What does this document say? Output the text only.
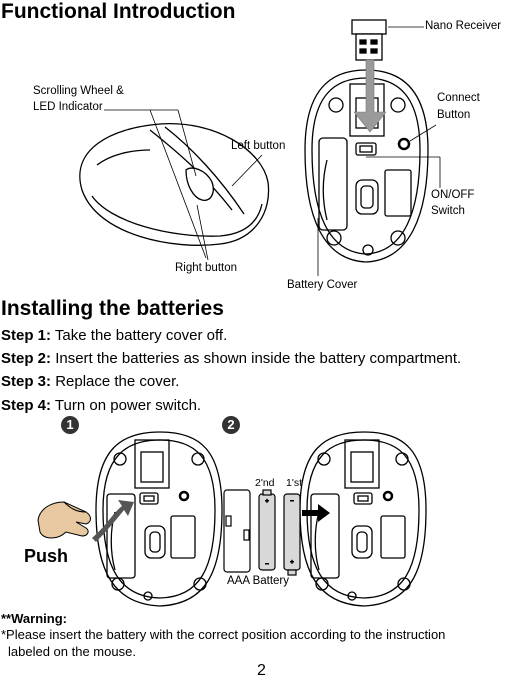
Functional Introduction
Nano Receiver
Scrolling Wheel &
LED Indicator
Left button
Right button
Connect
Button
ON/OFF
Switch
Battery Cover
Installing the batteries
Step 1: Take the battery cover off.
Step 2: Insert the batteries as shown inside the battery compartment.
Step 3: Replace the cover.
Step 4: Turn on power switch.
1	2
Push
2'nd 1'st
AAA Battery
**Warning:
*Please insert the battery with the correct position according to the instruction
labeled on the mouse.
2
